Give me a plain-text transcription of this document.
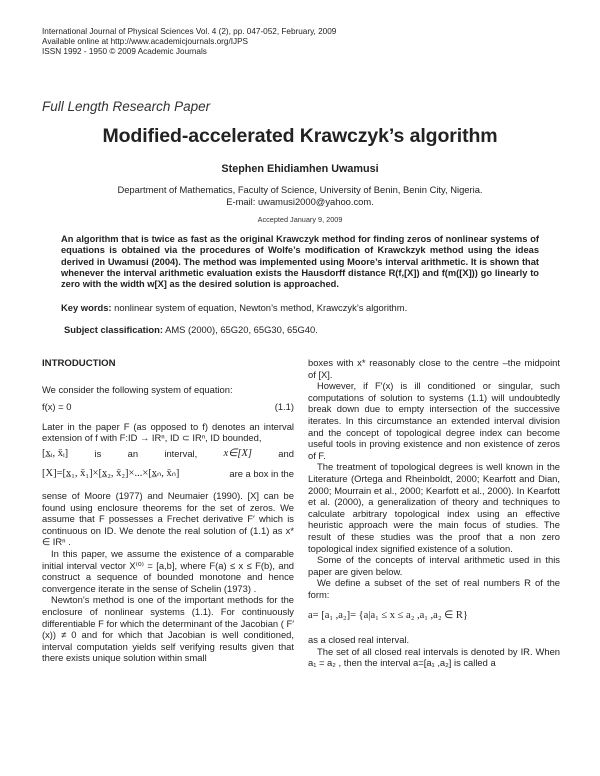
International Journal of Physical Sciences Vol. 4 (2), pp. 047-052, February, 2009
Available online at http://www.academicjournals.org/IJPS
ISSN 1992 - 1950 © 2009 Academic Journals
Full Length Research Paper
Modified-accelerated Krawczyk’s algorithm
Stephen Ehidiamhen Uwamusi
Department of Mathematics, Faculty of Science, University of Benin, Benin City, Nigeria.
E-mail: uwamusi2000@yahoo.com.
Accepted January 9, 2009
An algorithm that is twice as fast as the original Krawczyk method for finding zeros of nonlinear systems of equations is obtained via the procedures of Wolfe’s modification of Krawckzyk method using the ideas derived in Uwamusi (2004). The method was implemented using Moore’s interval arithmetic. It is shown that whenever the interval arithmetic evaluation exists the Hausdorff distance R(f,[X]) and f(m([X])) go linearly to zero with the width w[X] as the desired solution is approached.
Key words: nonlinear system of equation, Newton’s method, Krawczyk’s algorithm.
Subject classification: AMS (2000), 65G20, 65G30, 65G40.

INTRODUCTION

We consider the following system of equation:

f(x) = 0	(1.1)

Later in the paper F (as opposed to f) denotes an interval extension of f with F:ID → IRⁿ, ID ⊂ IRⁿ, ID bounded,

[x̲ᵢ, x̄ᵢ]	is	an	interval,	x∈[X]	and
[X]=[x̲₁, x̄₁]×[x̲₂, x̄₂]×...×[x̲ₙ, x̄ₙ]	are a box in the

sense of Moore (1977) and Neumaier (1990). [X] can be found using enclosure theorems for the set of zeros. We assume that F possesses a Frechet derivative F′ which is continuous on ID. We denote the real solution of (1.1) as x* ∈ IRⁿ .

In this paper, we assume the existence of a comparable initial interval vector X⁽⁰⁾ = [a,b], where F(a) ≤ x ≤ F(b), and construct a sequence of bounded monotone and hence convergence iterate in the sense of Schelin (1973) .

Newton’s method is one of the important methods for the enclosure of nonlinear systems (1.1). For continuously differentiable F for which the determinant of the Jacobian ( F′(x)) ≠ 0 and for which that Jacobian is well conditioned, interval computation yields self verifying results given that there exists unique solution within small

boxes with x* reasonably close to the centre –the midpoint of [X].

However, if F′(x) is ill conditioned or singular, such computations of solution to systems (1.1) will undoubtedly break down due to empty intersection of the successive iterates. In this circumstance an extended interval division and the concept of topological degree index can become useful tools in proving existence and non existence of zeros of F.

The treatment of topological degrees is well known in the Literature (Ortega and Rheinboldt, 2000; Kearfott and Dian, 2000; Mourrain et al., 2000; Kearfott et al., 2000). In Kearfott et al. (2000), a generalization of theory and techniques to calculate arbitrary topological index using an effective heuristic approach were the main focus of studies. The result of these studies was the proof that a non zero topological index signified existence of a solution.

Some of the concepts of interval arithmetic used in this paper are given below.

We define a subset of the set of real numbers R of the form:

a= [a₁ ,a₂]= {a|a₁ ≤ x ≤ a₂ ,a₁ ,a₂ ∈ R}

as a closed real interval.

The set of all closed real intervals is denoted by IR. When a₁ = a₂ , then the interval a=[a₁ ,a₂] is called a
